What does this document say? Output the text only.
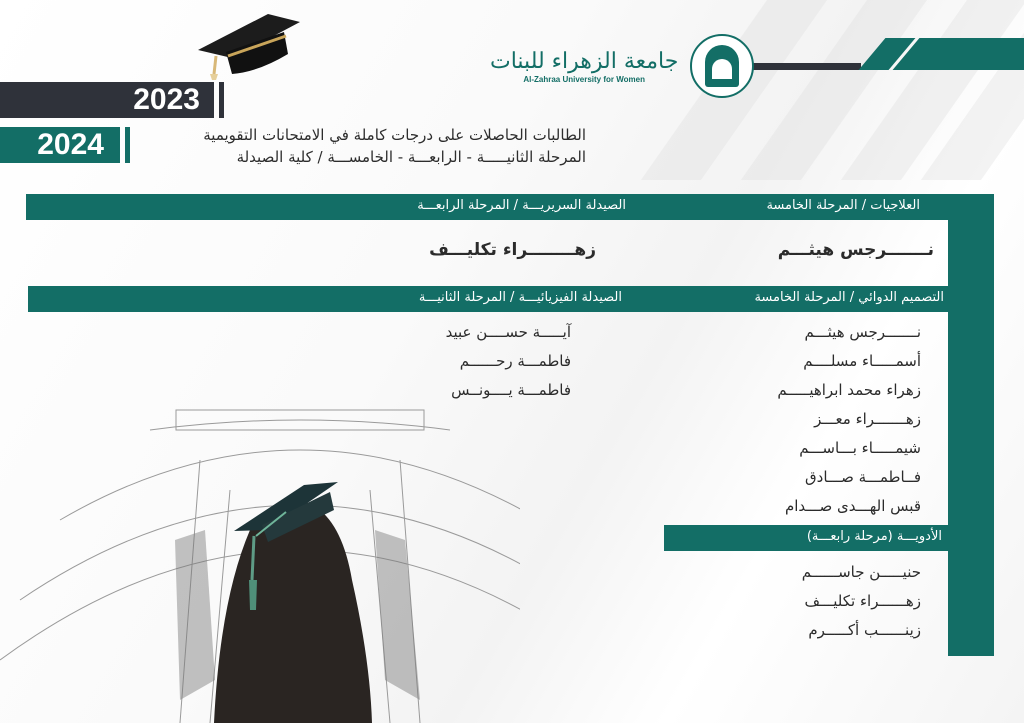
جامعة الزهراء للبنات
Al-Zahraa University for Women
2023
2024	الطالبات الحاصلات على درجات كاملة في الامتحانات التقويمية
المرحلة الثانيـــــة - الرابعـــة - الخامســـة / كلية الصيدلة
العلاجيات / المرحلة الخامسة
الصيدلة السريريـــة / المرحلة الرابعـــة
نـــــــرجس هيثـــم
زهــــــــراء تكليـــف
التصميم الدوائي / المرحلة الخامسة
الصيدلة الفيزيائيـــة / المرحلة الثانيـــة
نـــــــرجس هيثـــم
أسمـــــاء مسلــــم
زهراء محمد ابراهيـــــم
زهـــــــراء معـــز
شيمـــــاء بـــاســـم
فــاطمـــة صـــادق
قبس الهـــدى صـــدام
آيـــــة حســــن عبيد
فاطمـــة رحــــــم
فاطمـــة يــــونــس
الأدويـــة (مرحلة رابعـــة)
حنيـــــن جاســــــم
زهــــــراء تكليـــف
زينــــــب أكـــــرم
